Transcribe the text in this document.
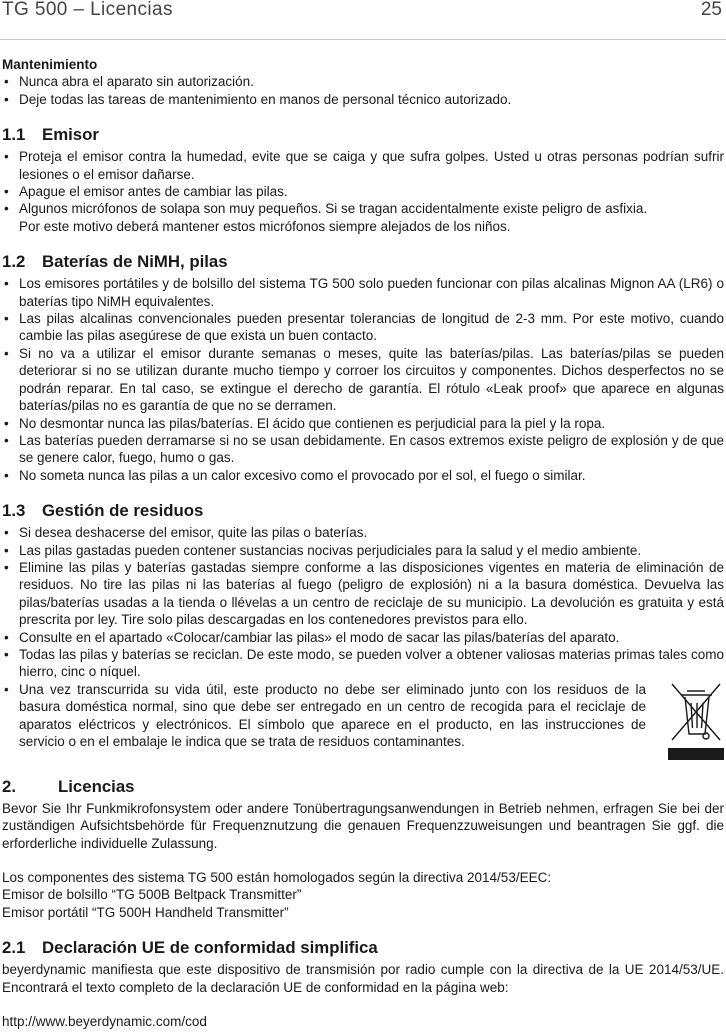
TG 500 – Licencias	25

Mantenimiento

• Nunca abra el aparato sin autorización.
• Deje todas las tareas de mantenimiento en manos de personal técnico autorizado.
1.1 Emisor
• Proteja el emisor contra la humedad, evite que se caiga y que sufra golpes. Usted u otras personas podrían sufrir lesiones o el emisor dañarse.
• Apague el emisor antes de cambiar las pilas.
• Algunos micrófonos de solapa son muy pequeños. Si se tragan accidentalmente existe peligro de asfixia.
Por este motivo deberá mantener estos micrófonos siempre alejados de los niños.
1.2 Baterías de NiMH, pilas
• Los emisores portátiles y de bolsillo del sistema TG 500 solo pueden funcionar con pilas alcalinas Mignon AA (LR6) o baterías tipo NiMH equivalentes.
• Las pilas alcalinas convencionales pueden presentar tolerancias de longitud de 2-3 mm. Por este motivo, cuando cambie las pilas asegúrese de que exista un buen contacto.
• Si no va a utilizar el emisor durante semanas o meses, quite las baterías/pilas. Las baterías/pilas se pueden deteriorar si no se utilizan durante mucho tiempo y corroer los circuitos y componentes. Dichos desperfectos no se podrán reparar. En tal caso, se extingue el derecho de garantía. El rótulo «Leak proof» que aparece en algunas baterías/pilas no es garantía de que no se derramen.
• No desmontar nunca las pilas/baterías. El ácido que contienen es perjudicial para la piel y la ropa.
• Las baterías pueden derramarse si no se usan debidamente. En casos extremos existe peligro de explosión y de que se genere calor, fuego, humo o gas.
• No someta nunca las pilas a un calor excesivo como el provocado por el sol, el fuego o similar.
1.3 Gestión de residuos
• Si desea deshacerse del emisor, quite las pilas o baterías.
• Las pilas gastadas pueden contener sustancias nocivas perjudiciales para la salud y el medio ambiente.
• Elimine las pilas y baterías gastadas siempre conforme a las disposiciones vigentes en materia de eliminación de residuos. No tire las pilas ni las baterías al fuego (peligro de explosión) ni a la basura doméstica. Devuelva las pilas/baterías usadas a la tienda o llévelas a un centro de reciclaje de su municipio. La devolución es gratuita y está prescrita por ley. Tire solo pilas descargadas en los contenedores previstos para ello.
• Consulte en el apartado «Colocar/cambiar las pilas» el modo de sacar las pilas/baterías del aparato.
• Todas las pilas y baterías se reciclan. De este modo, se pueden volver a obtener valiosas materias primas tales como hierro, cinc o níquel.
• Una vez transcurrida su vida útil, este producto no debe ser eliminado junto con los residuos de la basura doméstica normal, sino que debe ser entregado en un centro de recogida para el reciclaje de aparatos eléctricos y electrónicos. El símbolo que aparece en el producto, en las instrucciones de servicio o en el embalaje le indica que se trata de residuos contaminantes.
2.	Licencias

Bevor Sie Ihr Funkmikrofonsystem oder andere Tonübertragungsanwendungen in Betrieb nehmen, erfragen Sie bei der zuständigen Aufsichtsbehörde für Frequenznutzung die genauen Frequenzzuweisungen und beantragen Sie ggf. die erforderliche individuelle Zulassung.

Los componentes des sistema TG 500 están homologados según la directiva 2014/53/EEC:

Emisor de bolsillo “TG 500B Beltpack Transmitter”

Emisor portátil “TG 500H Handheld Transmitter”

2.1 Declaración UE de conformidad simplifica

beyerdynamic manifiesta que este dispositivo de transmisión por radio cumple con la directiva de la UE 2014/53/UE. Encontrará el texto completo de la declaración UE de conformidad en la página web:

http://www.beyerdynamic.com/cod
